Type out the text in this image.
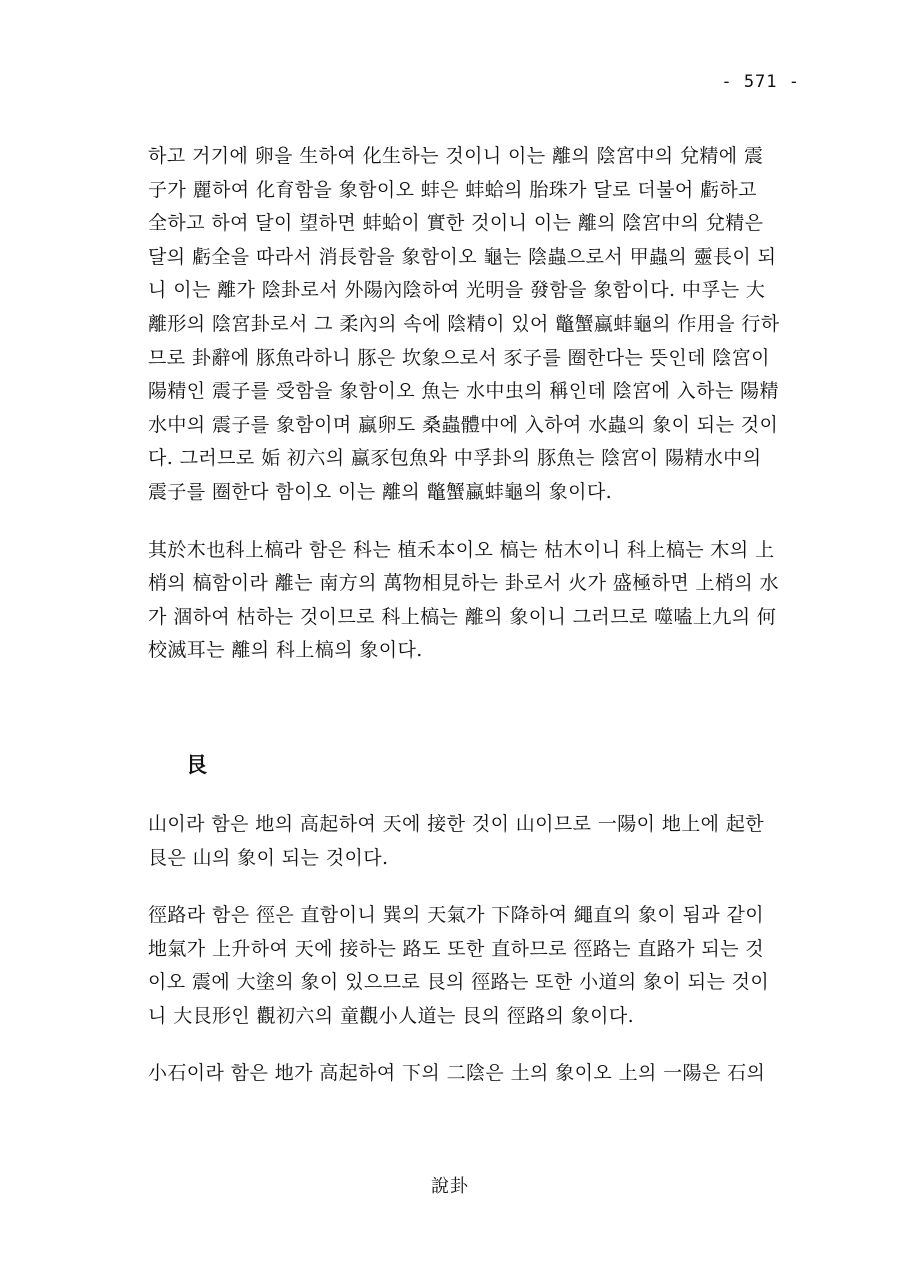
- 571 -

하고 거기에 卵을 生하여 化生하는 것이니 이는 離의 陰宮中의 兌精에 震
子가 麗하여 化育함을 象함이오 蚌은 蚌蛤의 胎珠가 달로 더불어 虧하고
全하고 하여 달이 望하면 蚌蛤이 實한 것이니 이는 離의 陰宮中의 兌精은
달의 虧全을 따라서 消長함을 象함이오 龜는 陰蟲으로서 甲蟲의 靈長이 되
니 이는 離가 陰卦로서 外陽內陰하여 光明을 發함을 象함이다. 中孚는 大
離形의 陰宮卦로서 그 柔內의 속에 陰精이 있어 鼈蟹蠃蚌龜의 作用을 行하
므로 卦辭에 豚魚라하니 豚은 坎象으로서 豕子를 圈한다는 뜻인데 陰宮이
陽精인 震子를 受함을 象함이오 魚는 水中虫의 稱인데 陰宮에 入하는 陽精
水中의 震子를 象함이며 蠃卵도 桑蟲體中에 入하여 水蟲의 象이 되는 것이
다. 그러므로 姤 初六의 蠃豕包魚와 中孚卦의 豚魚는 陰宮이 陽精水中의
震子를 圈한다 함이오 이는 離의 鼈蟹蠃蚌龜의 象이다.

其於木也科上槁라 함은 科는 植禾本이오 槁는 枯木이니 科上槁는 木의 上
梢의 槁함이라 離는 南方의 萬物相見하는 卦로서 火가 盛極하면 上梢의 水
가 涸하여 枯하는 것이므로 科上槁는 離의 象이니 그러므로 噬嗑上九의 何
校滅耳는 離의 科上槁의 象이다.

艮

山이라 함은 地의 高起하여 天에 接한 것이 山이므로 一陽이 地上에 起한
艮은 山의 象이 되는 것이다.

徑路라 함은 徑은 直함이니 巽의 天氣가 下降하여 繩直의 象이 됨과 같이
地氣가 上升하여 天에 接하는 路도 또한 直하므로 徑路는 直路가 되는 것
이오 震에 大塗의 象이 있으므로 艮의 徑路는 또한 小道의 象이 되는 것이
니 大艮形인 觀初六의 童觀小人道는 艮의 徑路의 象이다.

小石이라 함은 地가 高起하여 下의 二陰은 土의 象이오 上의 一陽은 石의

說卦
